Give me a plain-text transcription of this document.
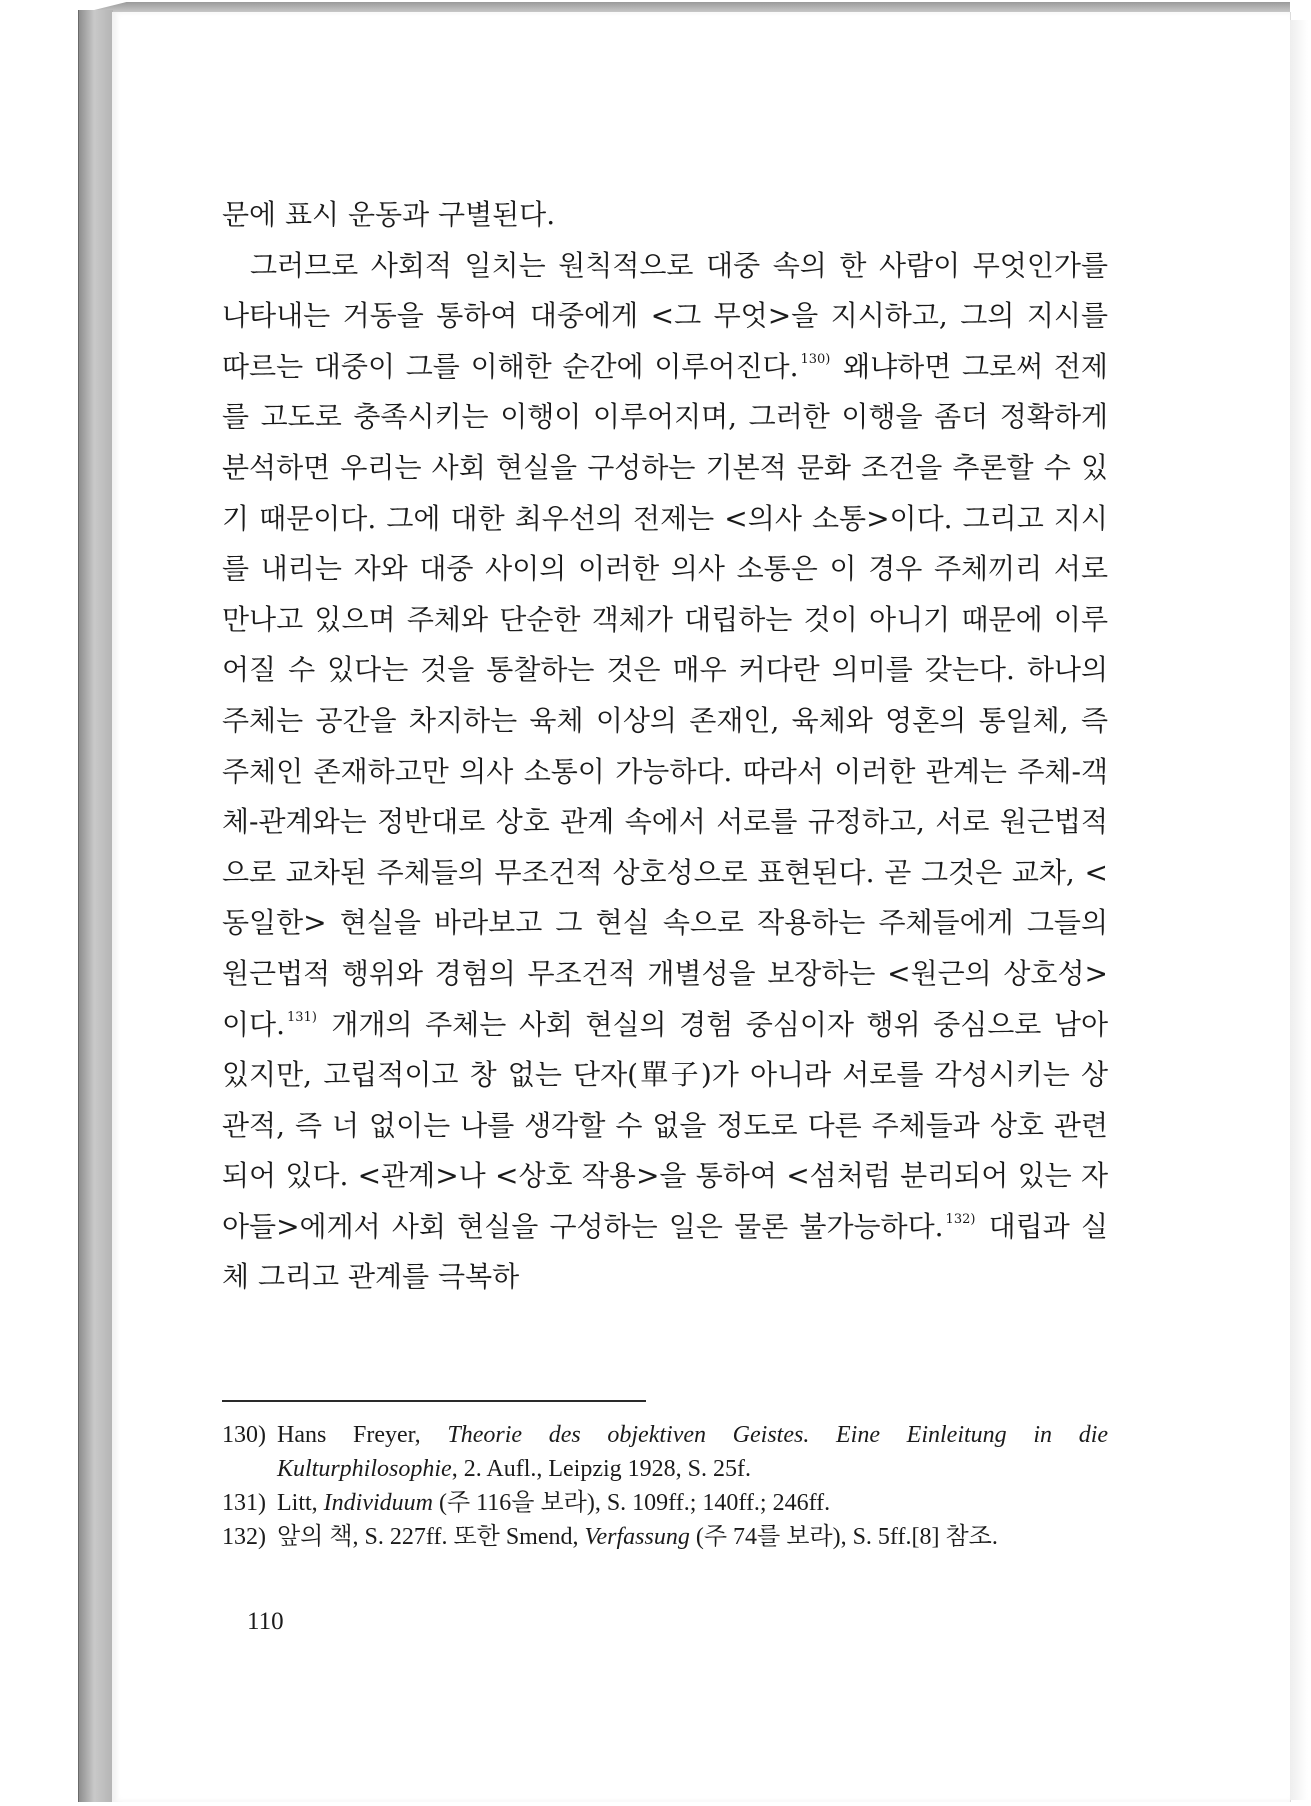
문에 표시 운동과 구별된다.

그러므로 사회적 일치는 원칙적으로 대중 속의 한 사람이 무엇인가를 나타내는 거동을 통하여 대중에게 <그 무엇>을 지시하고, 그의 지시를 따르는 대중이 그를 이해한 순간에 이루어진다. $^{130)}$ 왜냐하면 그로써 전제를 고도로 충족시키는 이행이 이루어지며, 그러한 이행을 좀더 정확하게 분석하면 우리는 사회 현실을 구성하는 기본적 문화 조건을 추론할 수 있기 때문이다. 그에 대한 최우선의 전제는 <의사 소통>이다. 그리고 지시를 내리는 자와 대중 사이의 이러한 의사 소통은 이 경우 주체끼리 서로 만나고 있으며 주체와 단순한 객체가 대립하는 것이 아니기 때문에 이루어질 수 있다는 것을 통찰하는 것은 매우 커다란 의미를 갖는다. 하나의 주체는 공간을 차지하는 육체 이상의 존재인, 육체와 영혼의 통일체, 즉 주체인 존재하고만 의사 소통이 가능하다. 따라서 이러한 관계는 주체-객체-관계와는 정반대로 상호 관계 속에서 서로를 규정하고, 서로 원근법적으로 교차된 주체들의 무조건적 상호성으로 표현된다. 곧 그것은 교차, <동일한> 현실을 바라보고 그 현실 속으로 작용하는 주체들에게 그들의 원근법적 행위와 경험의 무조건적 개별성을 보장하는 <원근의 상호성>이다. $^{131)}$ 개개의 주체는 사회 현실의 경험 중심이자 행위 중심으로 남아 있지만, 고립적이고 창 없는 단자(單子)가 아니라 서로를 각성시키는 상관적, 즉 너 없이는 나를 생각할 수 없을 정도로 다른 주체들과 상호 관련되어 있다. <관계>나 <상호 작용>을 통하여 <섬처럼 분리되어 있는 자아들>에게서 사회 현실을 구성하는 일은 물론 불가능하다. $^{132)}$ 대립과 실체 그리고 관계를 극복하

130) Hans Freyer, Theorie des objektiven Geistes. Eine Einleitung in die Kulturphilosophie, 2. Aufl., Leipzig 1928, S. 25f.
131) Litt, Individuum (주 116을 보라), S. 109ff.; 140ff.; 246ff.
132) 앞의 책, S. 227ff. 또한 Smend, Verfassung (주 74를 보라), S. 5ff.[8] 참조.
110
